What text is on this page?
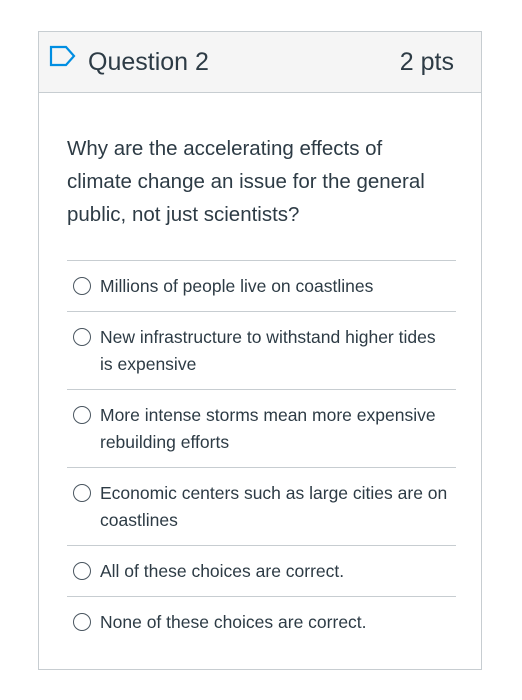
Question 2	2 pts
Why are the accelerating effects of climate change an issue for the general public, not just scientists?
Millions of people live on coastlines
New infrastructure to withstand higher tides is expensive
More intense storms mean more expensive rebuilding efforts
Economic centers such as large cities are on coastlines
All of these choices are correct.
None of these choices are correct.
